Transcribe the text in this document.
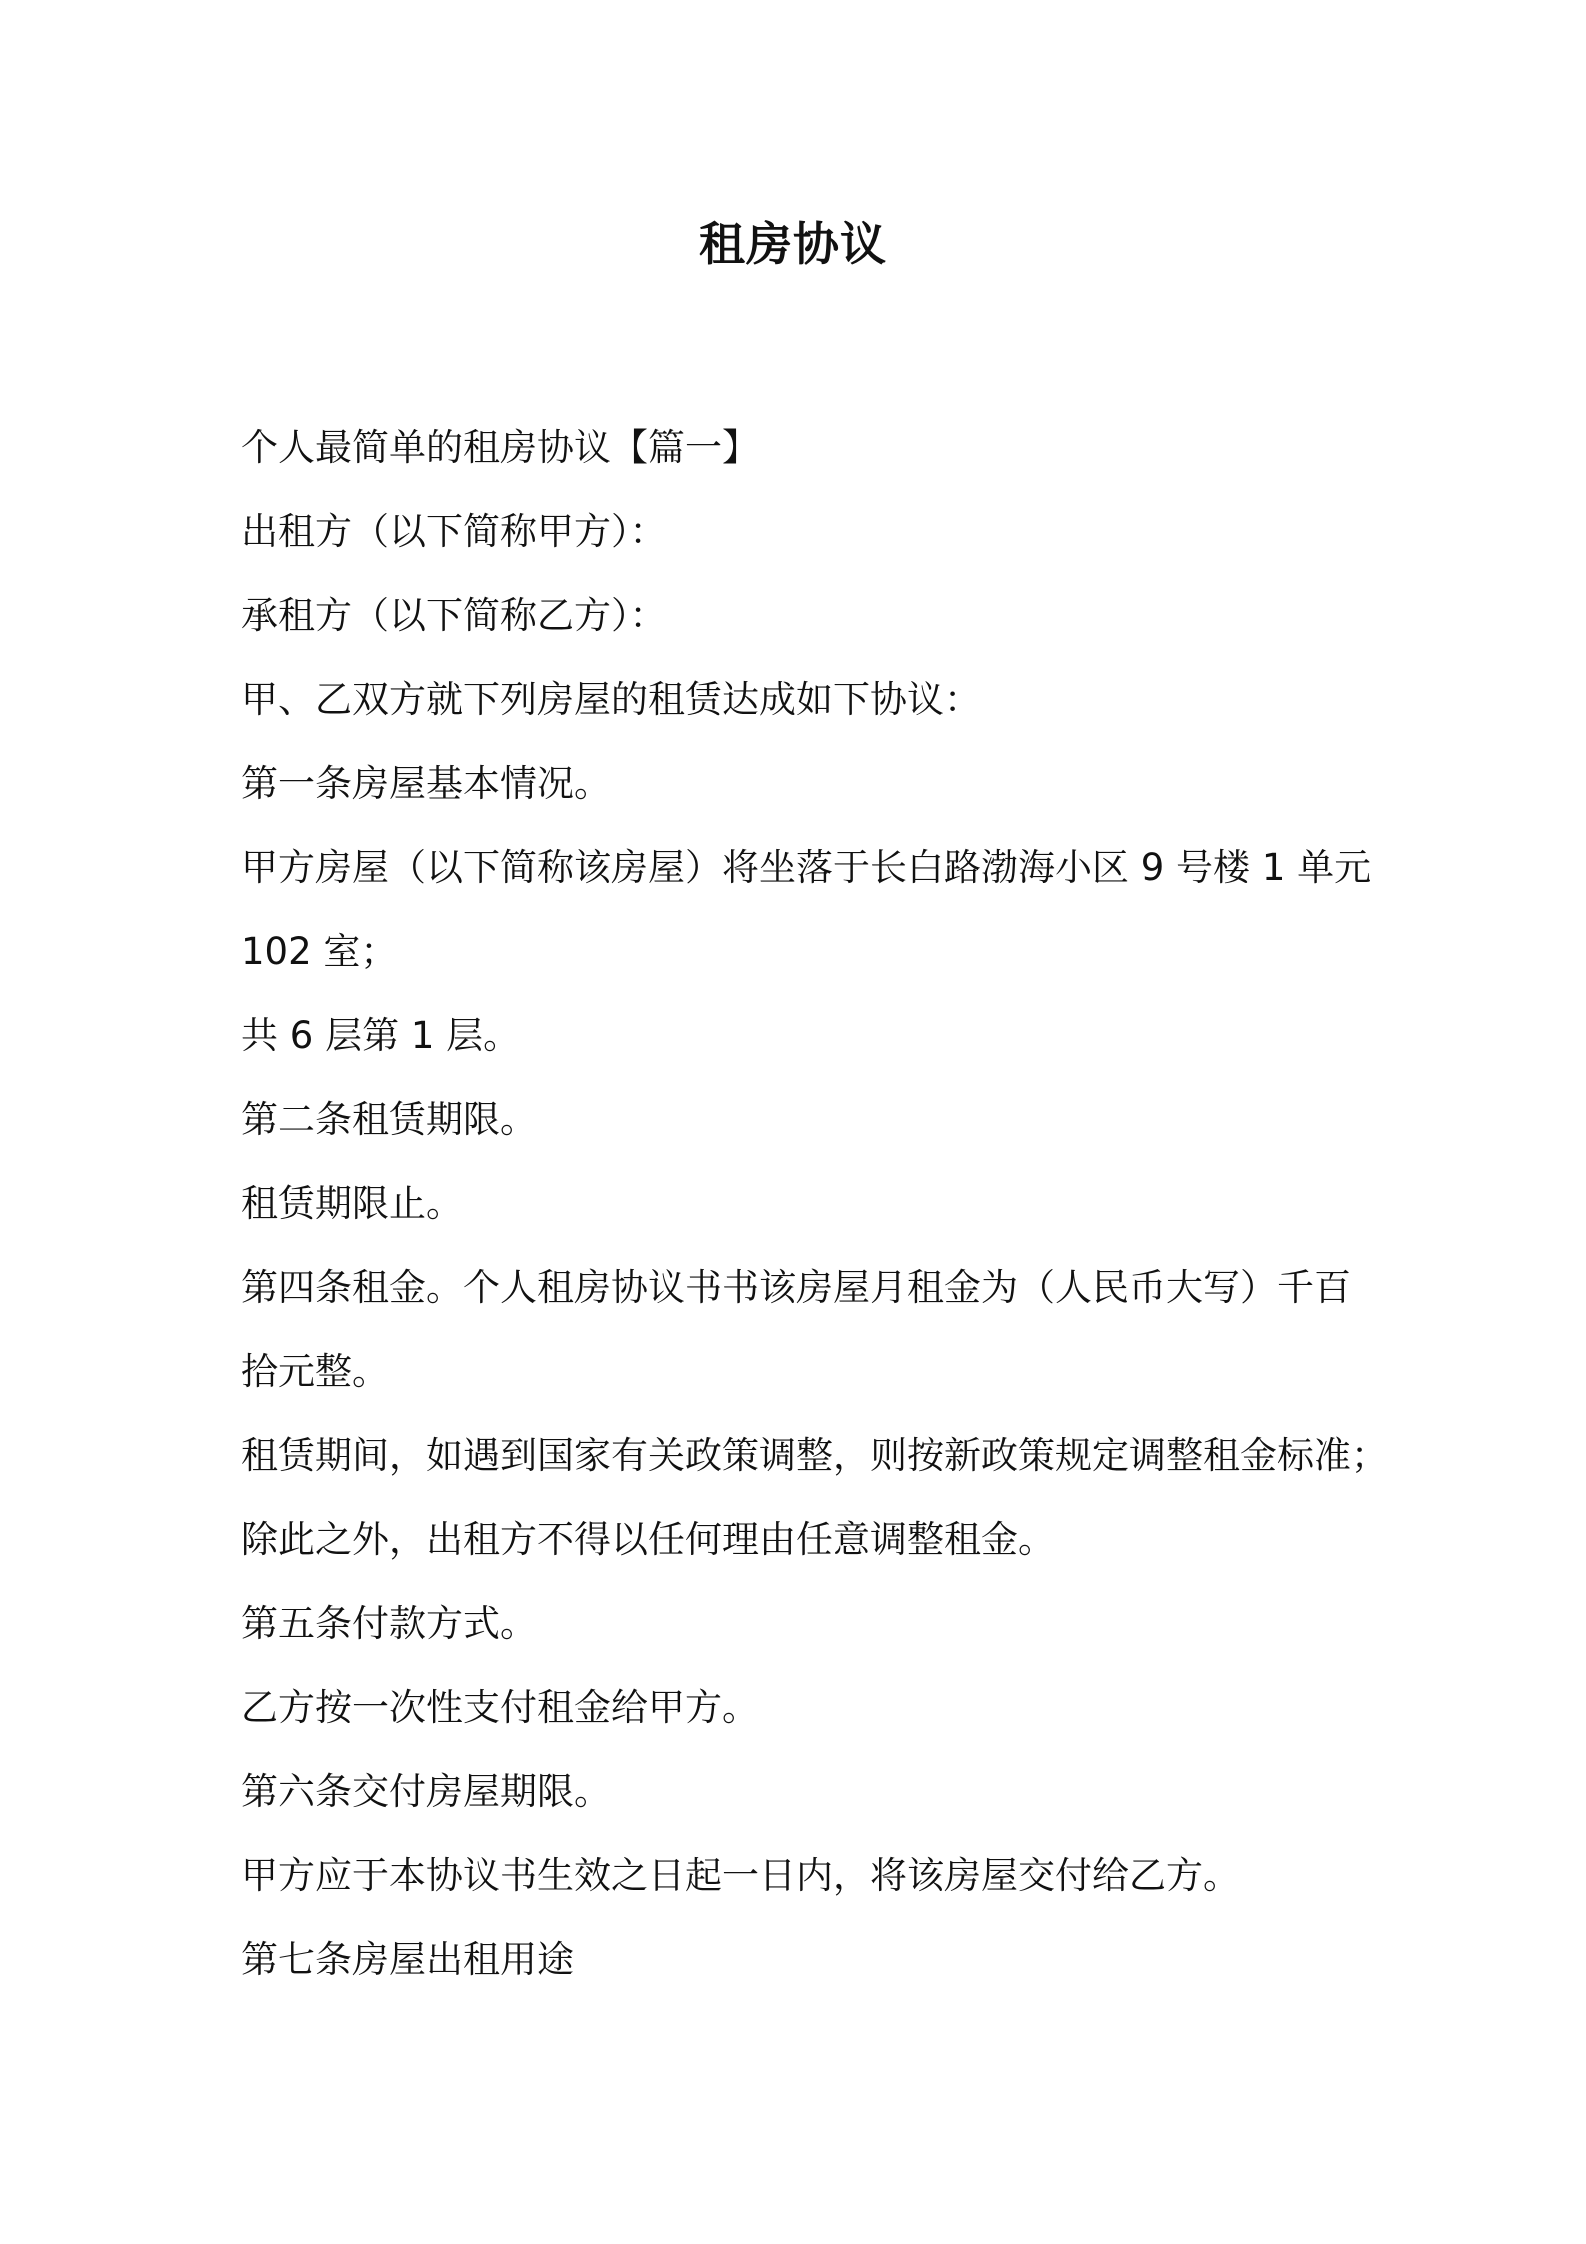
租房协议

个人最简单的租房协议【篇一】

出租方（以下简称甲方）：

承租方（以下简称乙方）：

甲、乙双方就下列房屋的租赁达成如下协议：

第一条房屋基本情况。

甲方房屋（以下简称该房屋）将坐落于长白路渤海小区 9 号楼 1 单元

102 室；

共 6 层第 1 层。

第二条租赁期限。

租赁期限止。

第四条租金。个人租房协议书书该房屋月租金为（人民币大写）千百

拾元整。

租赁期间，如遇到国家有关政策调整，则按新政策规定调整租金标准；

除此之外，出租方不得以任何理由任意调整租金。

第五条付款方式。

乙方按一次性支付租金给甲方。

第六条交付房屋期限。

甲方应于本协议书生效之日起一日内，将该房屋交付给乙方。

第七条房屋出租用途
